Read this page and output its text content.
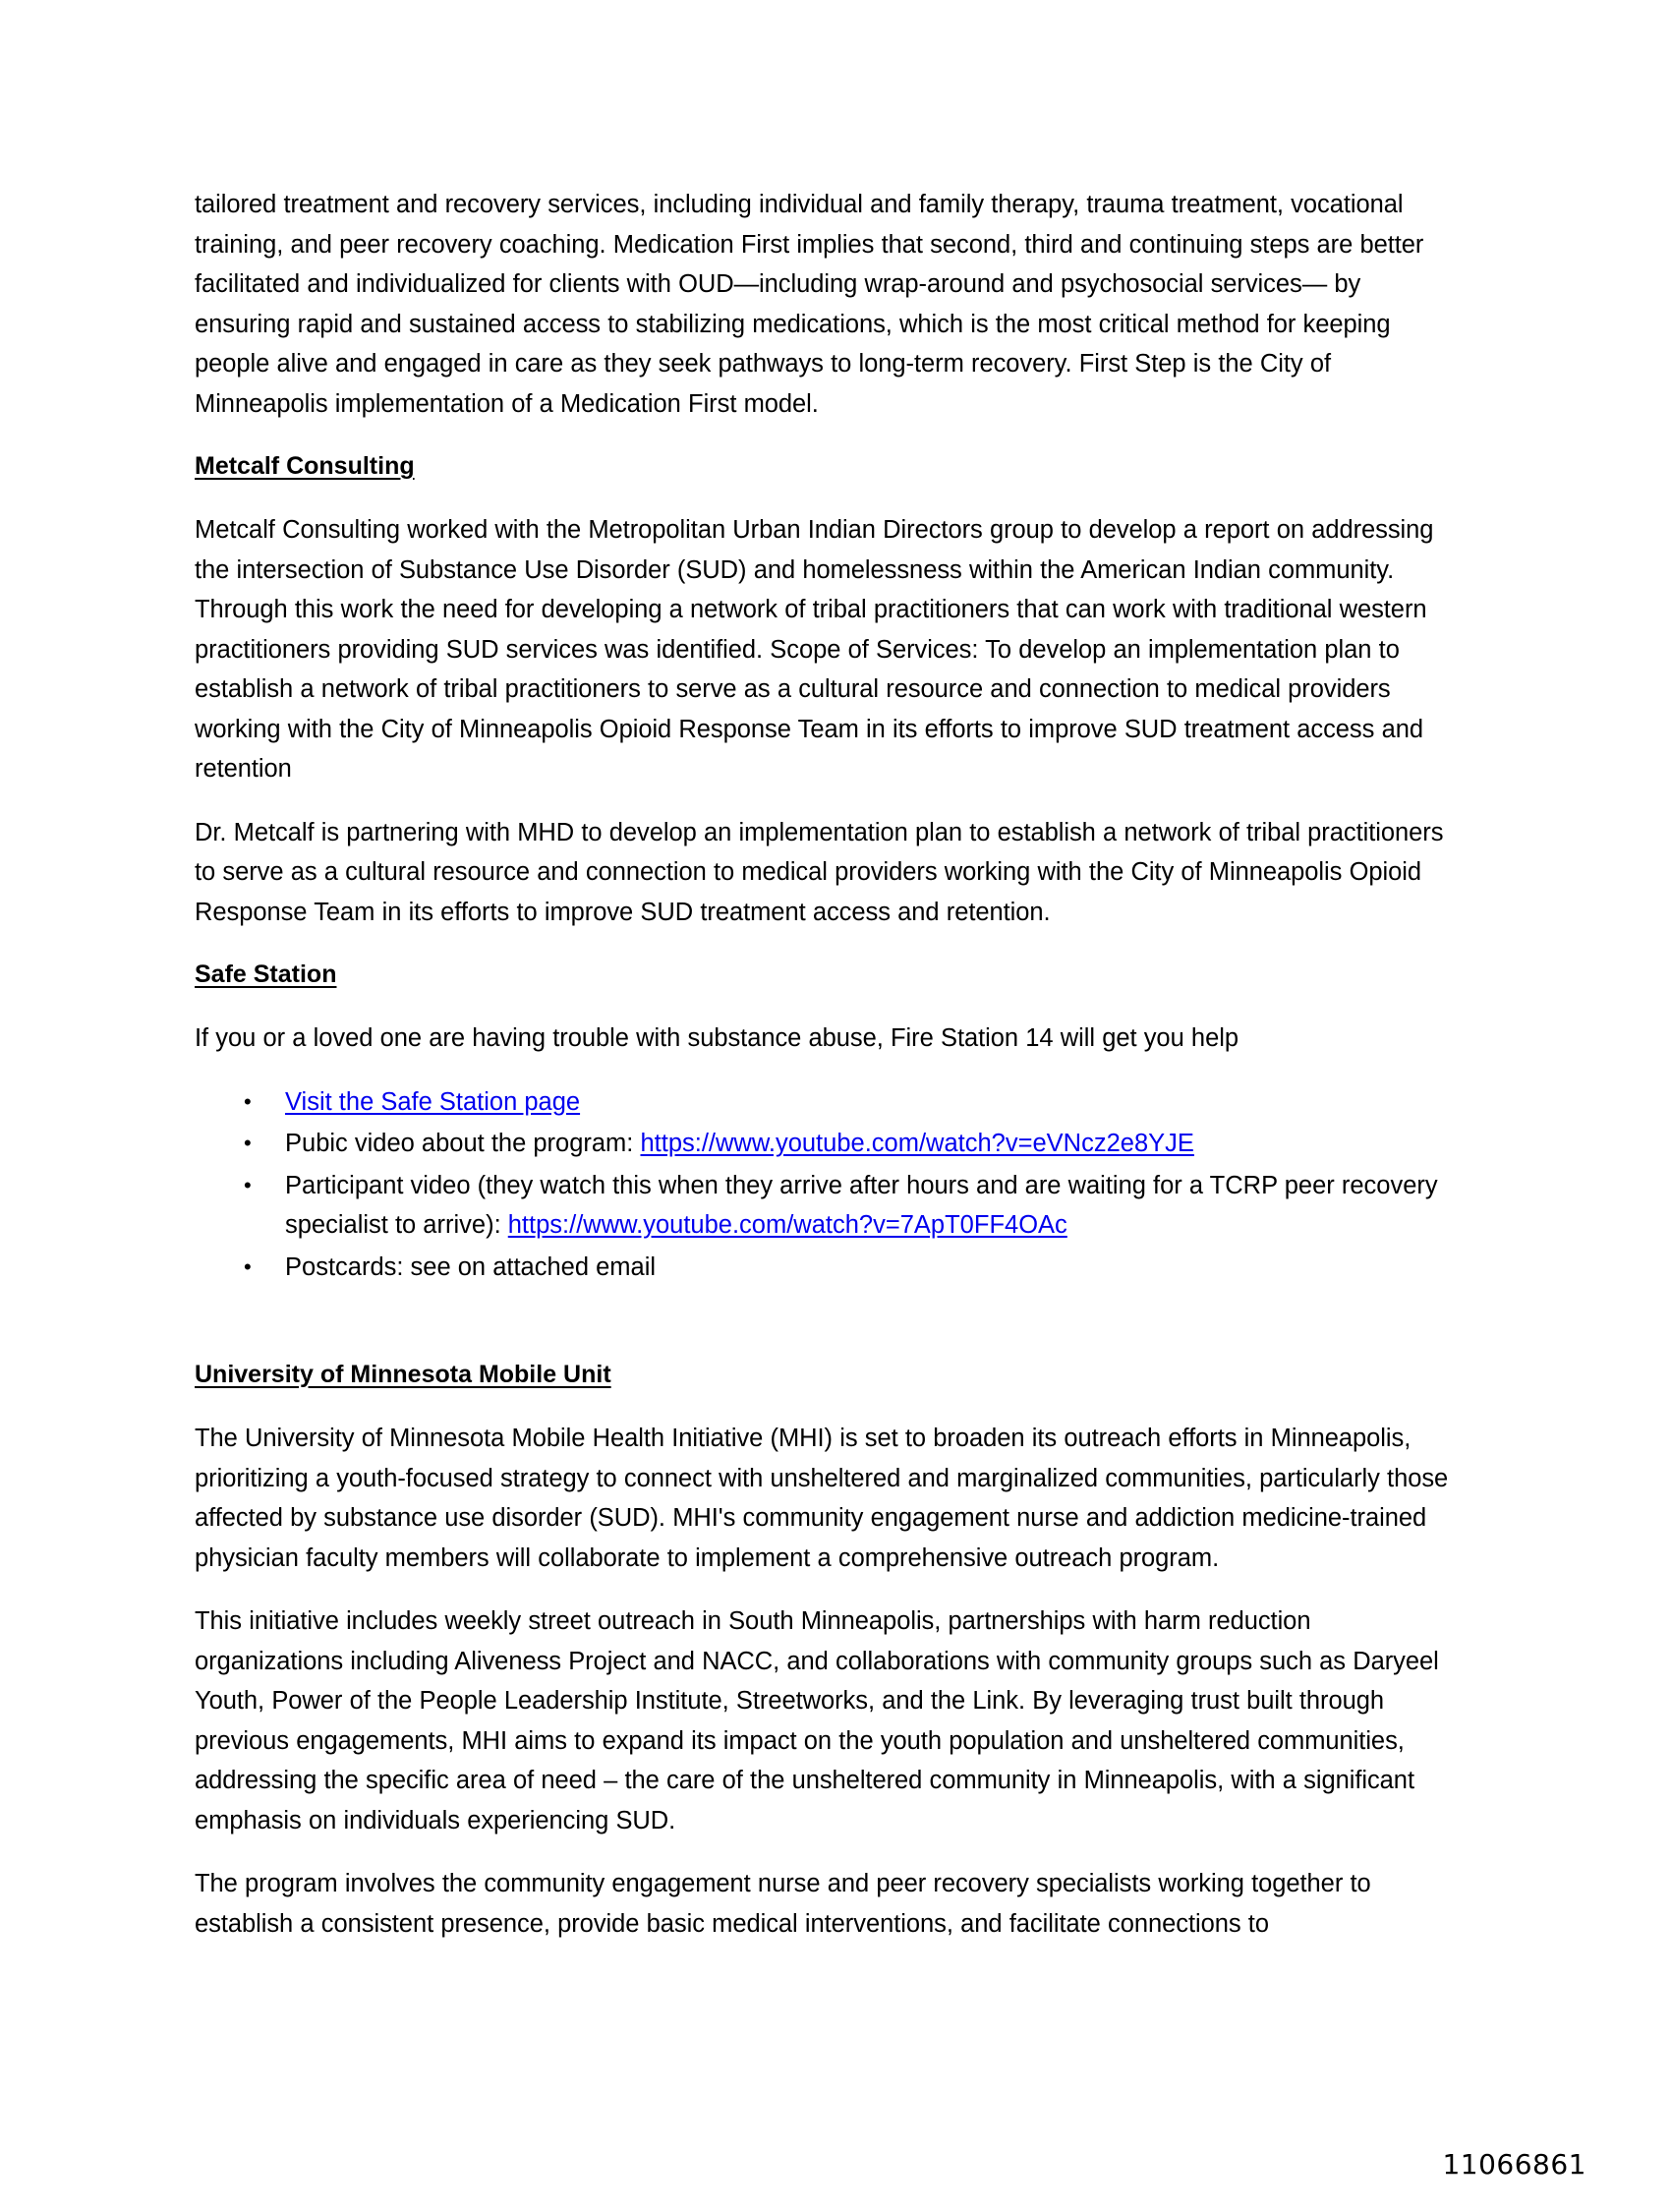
tailored treatment and recovery services, including individual and family therapy, trauma treatment, vocational training, and peer recovery coaching. Medication First implies that second, third and continuing steps are better facilitated and individualized for clients with OUD—including wrap-around and psychosocial services— by ensuring rapid and sustained access to stabilizing medications, which is the most critical method for keeping people alive and engaged in care as they seek pathways to long-term recovery. First Step is the City of Minneapolis implementation of a Medication First model.

Metcalf Consulting

Metcalf Consulting worked with the Metropolitan Urban Indian Directors group to develop a report on addressing the intersection of Substance Use Disorder (SUD) and homelessness within the American Indian community. Through this work the need for developing a network of tribal practitioners that can work with traditional western practitioners providing SUD services was identified. Scope of Services: To develop an implementation plan to establish a network of tribal practitioners to serve as a cultural resource and connection to medical providers working with the City of Minneapolis Opioid Response Team in its efforts to improve SUD treatment access and retention

Dr. Metcalf is partnering with MHD to develop an implementation plan to establish a network of tribal practitioners to serve as a cultural resource and connection to medical providers working with the City of Minneapolis Opioid Response Team in its efforts to improve SUD treatment access and retention.

Safe Station

If you or a loved one are having trouble with substance abuse, Fire Station 14 will get you help

• Visit the Safe Station page
• Pubic video about the program: https://www.youtube.com/watch?v=eVNcz2e8YJE
• Participant video (they watch this when they arrive after hours and are waiting for a TCRP peer recovery specialist to arrive): https://www.youtube.com/watch?v=7ApT0FF4OAc
• Postcards: see on attached email
University of Minnesota Mobile Unit

The University of Minnesota Mobile Health Initiative (MHI) is set to broaden its outreach efforts in Minneapolis, prioritizing a youth-focused strategy to connect with unsheltered and marginalized communities, particularly those affected by substance use disorder (SUD). MHI's community engagement nurse and addiction medicine-trained physician faculty members will collaborate to implement a comprehensive outreach program.

This initiative includes weekly street outreach in South Minneapolis, partnerships with harm reduction organizations including Aliveness Project and NACC, and collaborations with community groups such as Daryeel Youth, Power of the People Leadership Institute, Streetworks, and the Link. By leveraging trust built through previous engagements, MHI aims to expand its impact on the youth population and unsheltered communities, addressing the specific area of need – the care of the unsheltered community in Minneapolis, with a significant emphasis on individuals experiencing SUD.

The program involves the community engagement nurse and peer recovery specialists working together to establish a consistent presence, provide basic medical interventions, and facilitate connections to

11066861
